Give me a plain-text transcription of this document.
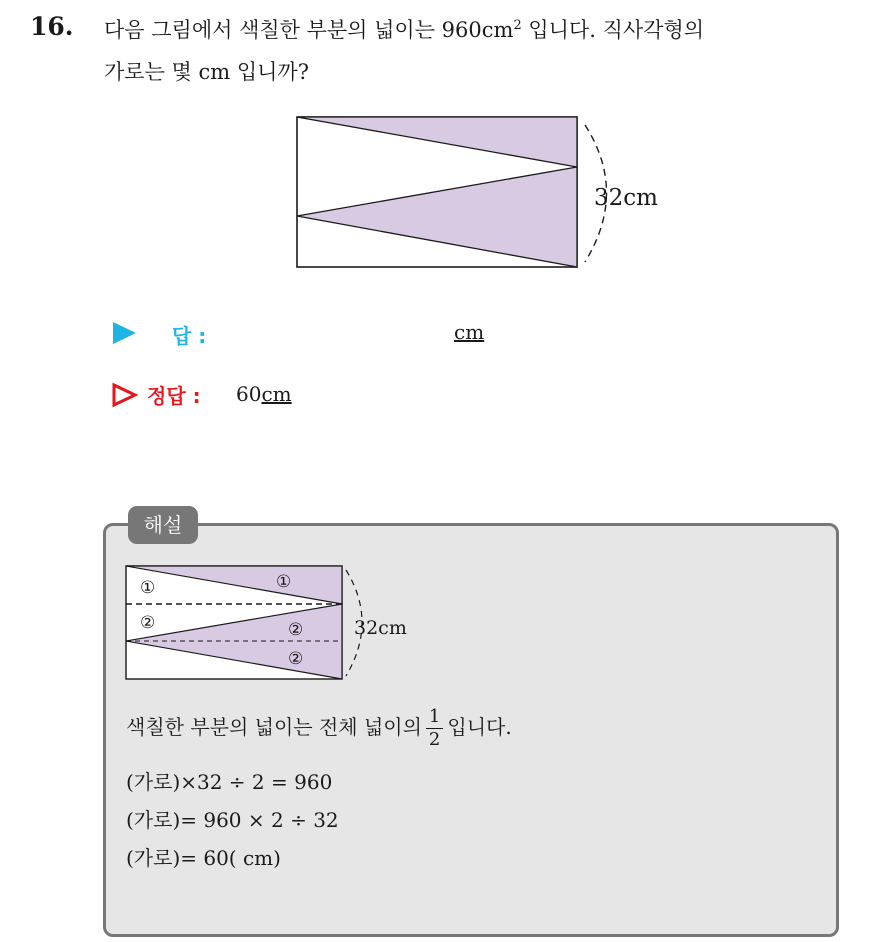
16. 다음 그림에서 색칠한 부분의 넓이는 $960cm^2$ 입니다. 직사각형의
가로는 몇 cm 입니까?
32cm
답 :	cm
정답 : 60cm
해설
32cm
①	①
②	②
②
색칠한 부분의 넓이는 전체 넓이의 $\frac{1}{2}$ 입니다.
(가로)×32 ÷ 2 = 960
(가로)= 960 × 2 ÷ 32
(가로)= 60( cm)
